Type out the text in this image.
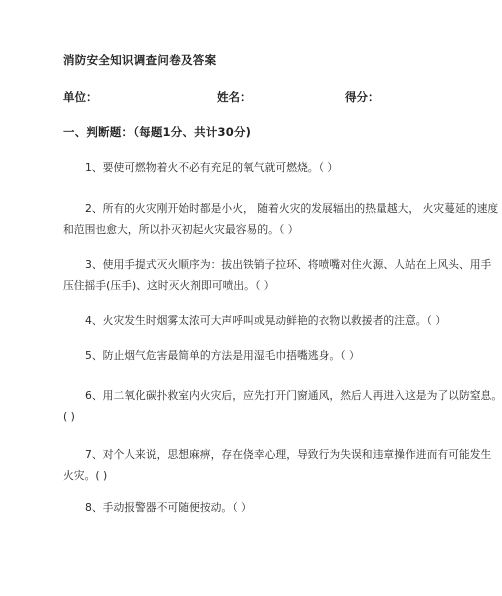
消防安全知识调查问卷及答案
单位：	姓名：	得分：
一、判断题：（每题1分、共计30分)
1、要使可燃物着火不必有充足的氧气就可燃烧。（ ）
2、所有的火灾刚开始时都是小火， 随着火灾的发展辐出的热量越大， 火灾蔓延的速度
和范围也愈大，所以扑灭初起火灾最容易的。（ ）
3、使用手提式灭火顺序为：拔出铁销子拉环、将喷嘴对住火源、人站在上风头、用手
压住摇手(压手)、这时灭火剂即可喷出。（ ）
4、火灾发生时烟雾太浓可大声呼叫或晃动鲜艳的衣物以救援者的注意。（ ）
5、防止烟气危害最简单的方法是用湿毛巾捂嘴逃身。（ ）
6、用二氧化碳扑救室内火灾后，应先打开门窗通风，然后人再进入这是为了以防窒息。
( )
7、对个人来说，思想麻痹，存在侥幸心理，导致行为失误和违章操作进而有可能发生
火灾。( )
8、手动报警器不可随便按动。（ ）
